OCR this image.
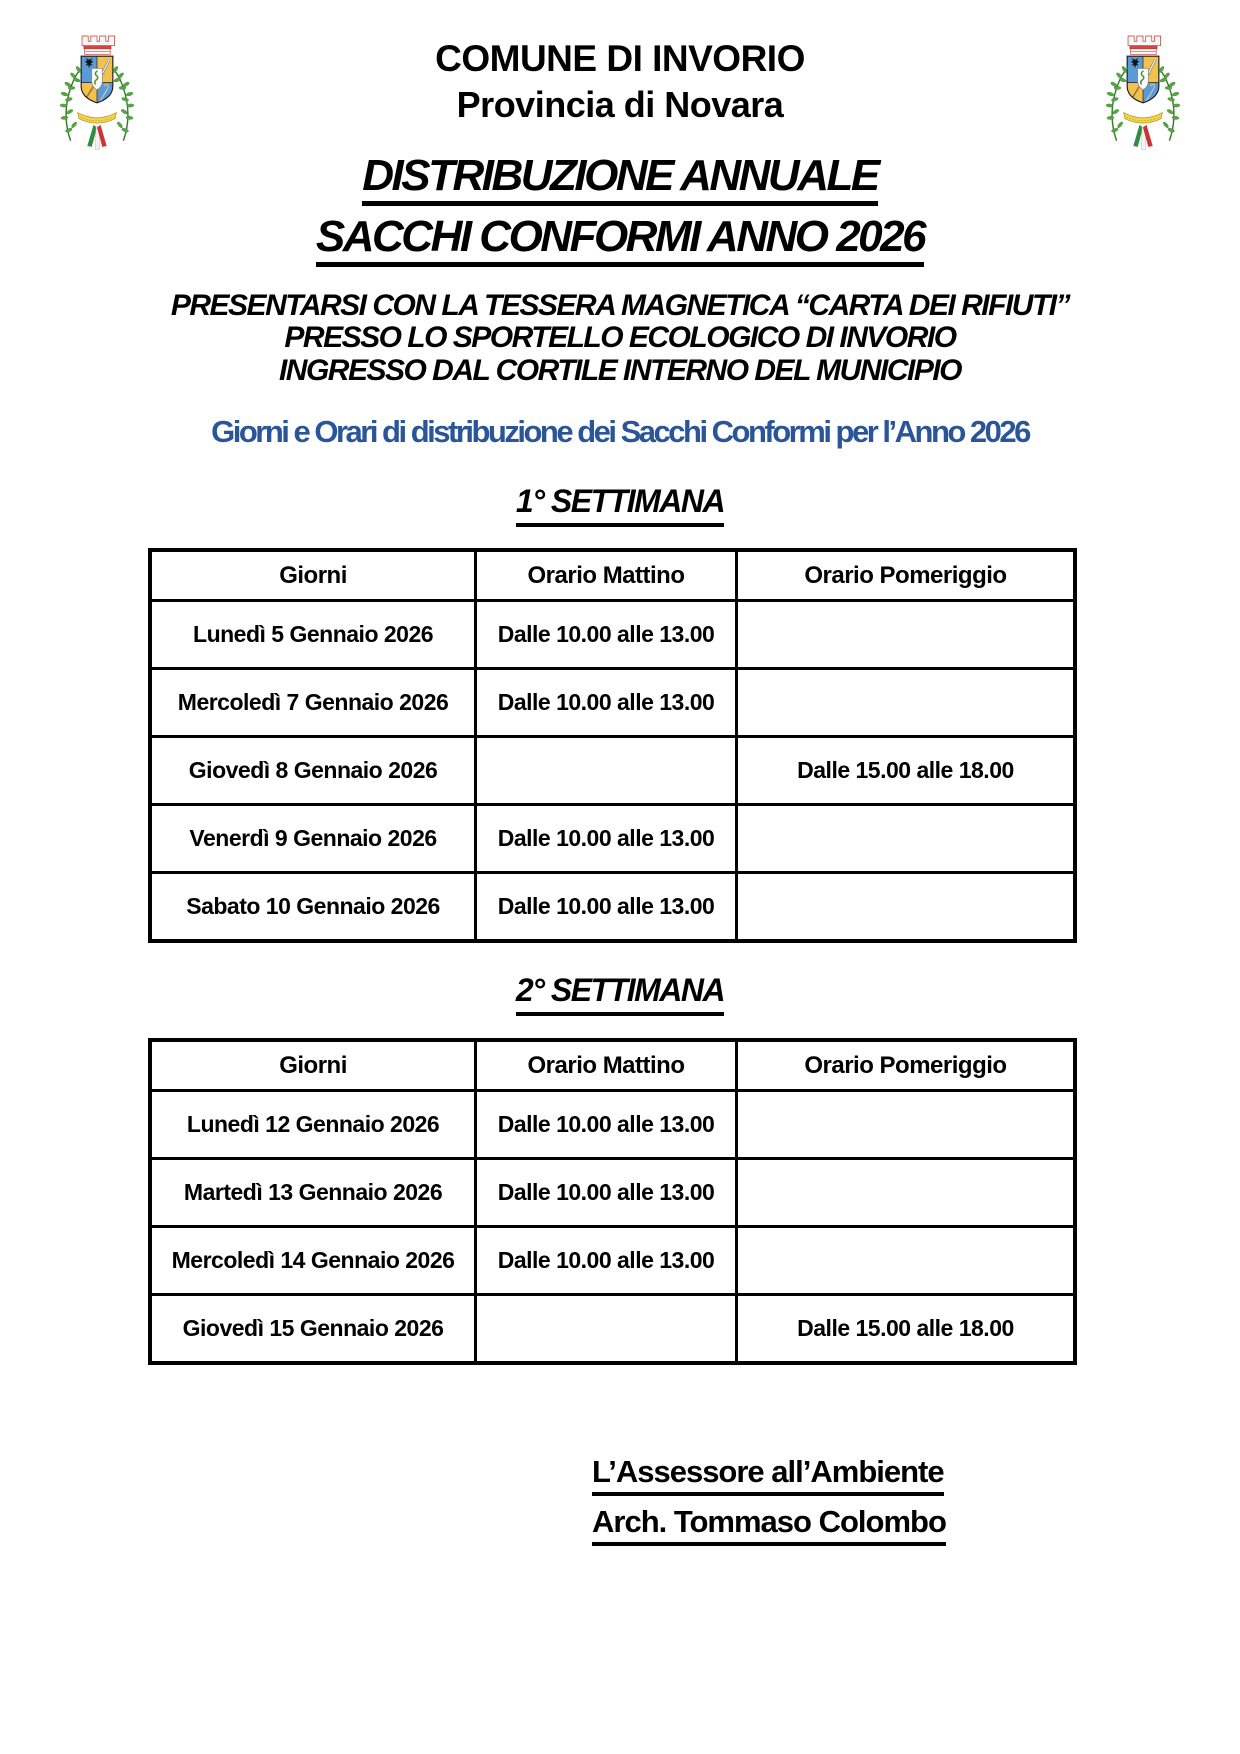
COMUNE DI INVORIO
Provincia di Novara
DISTRIBUZIONE ANNUALE
SACCHI CONFORMI ANNO 2026
PRESENTARSI CON LA TESSERA MAGNETICA “CARTA DEI RIFIUTI”
PRESSO LO SPORTELLO ECOLOGICO DI INVORIO
INGRESSO DAL CORTILE INTERNO DEL MUNICIPIO
Giorni e Orari di distribuzione dei Sacchi Conformi per l’Anno 2026
1° SETTIMANA
Giorni	Orario Mattino	Orario Pomeriggio
Lunedì 5 Gennaio 2026	Dalle 10.00 alle 13.00	
Mercoledì 7 Gennaio 2026	Dalle 10.00 alle 13.00	
Giovedì 8 Gennaio 2026		Dalle 15.00 alle 18.00
Venerdì 9 Gennaio 2026	Dalle 10.00 alle 13.00	
Sabato 10 Gennaio 2026	Dalle 10.00 alle 13.00	
2° SETTIMANA
Giorni	Orario Mattino	Orario Pomeriggio
Lunedì 12 Gennaio 2026	Dalle 10.00 alle 13.00	
Martedì 13 Gennaio 2026	Dalle 10.00 alle 13.00	
Mercoledì 14 Gennaio 2026	Dalle 10.00 alle 13.00	
Giovedì 15 Gennaio 2026		Dalle 15.00 alle 18.00
L’Assessore all’Ambiente
Arch. Tommaso Colombo
